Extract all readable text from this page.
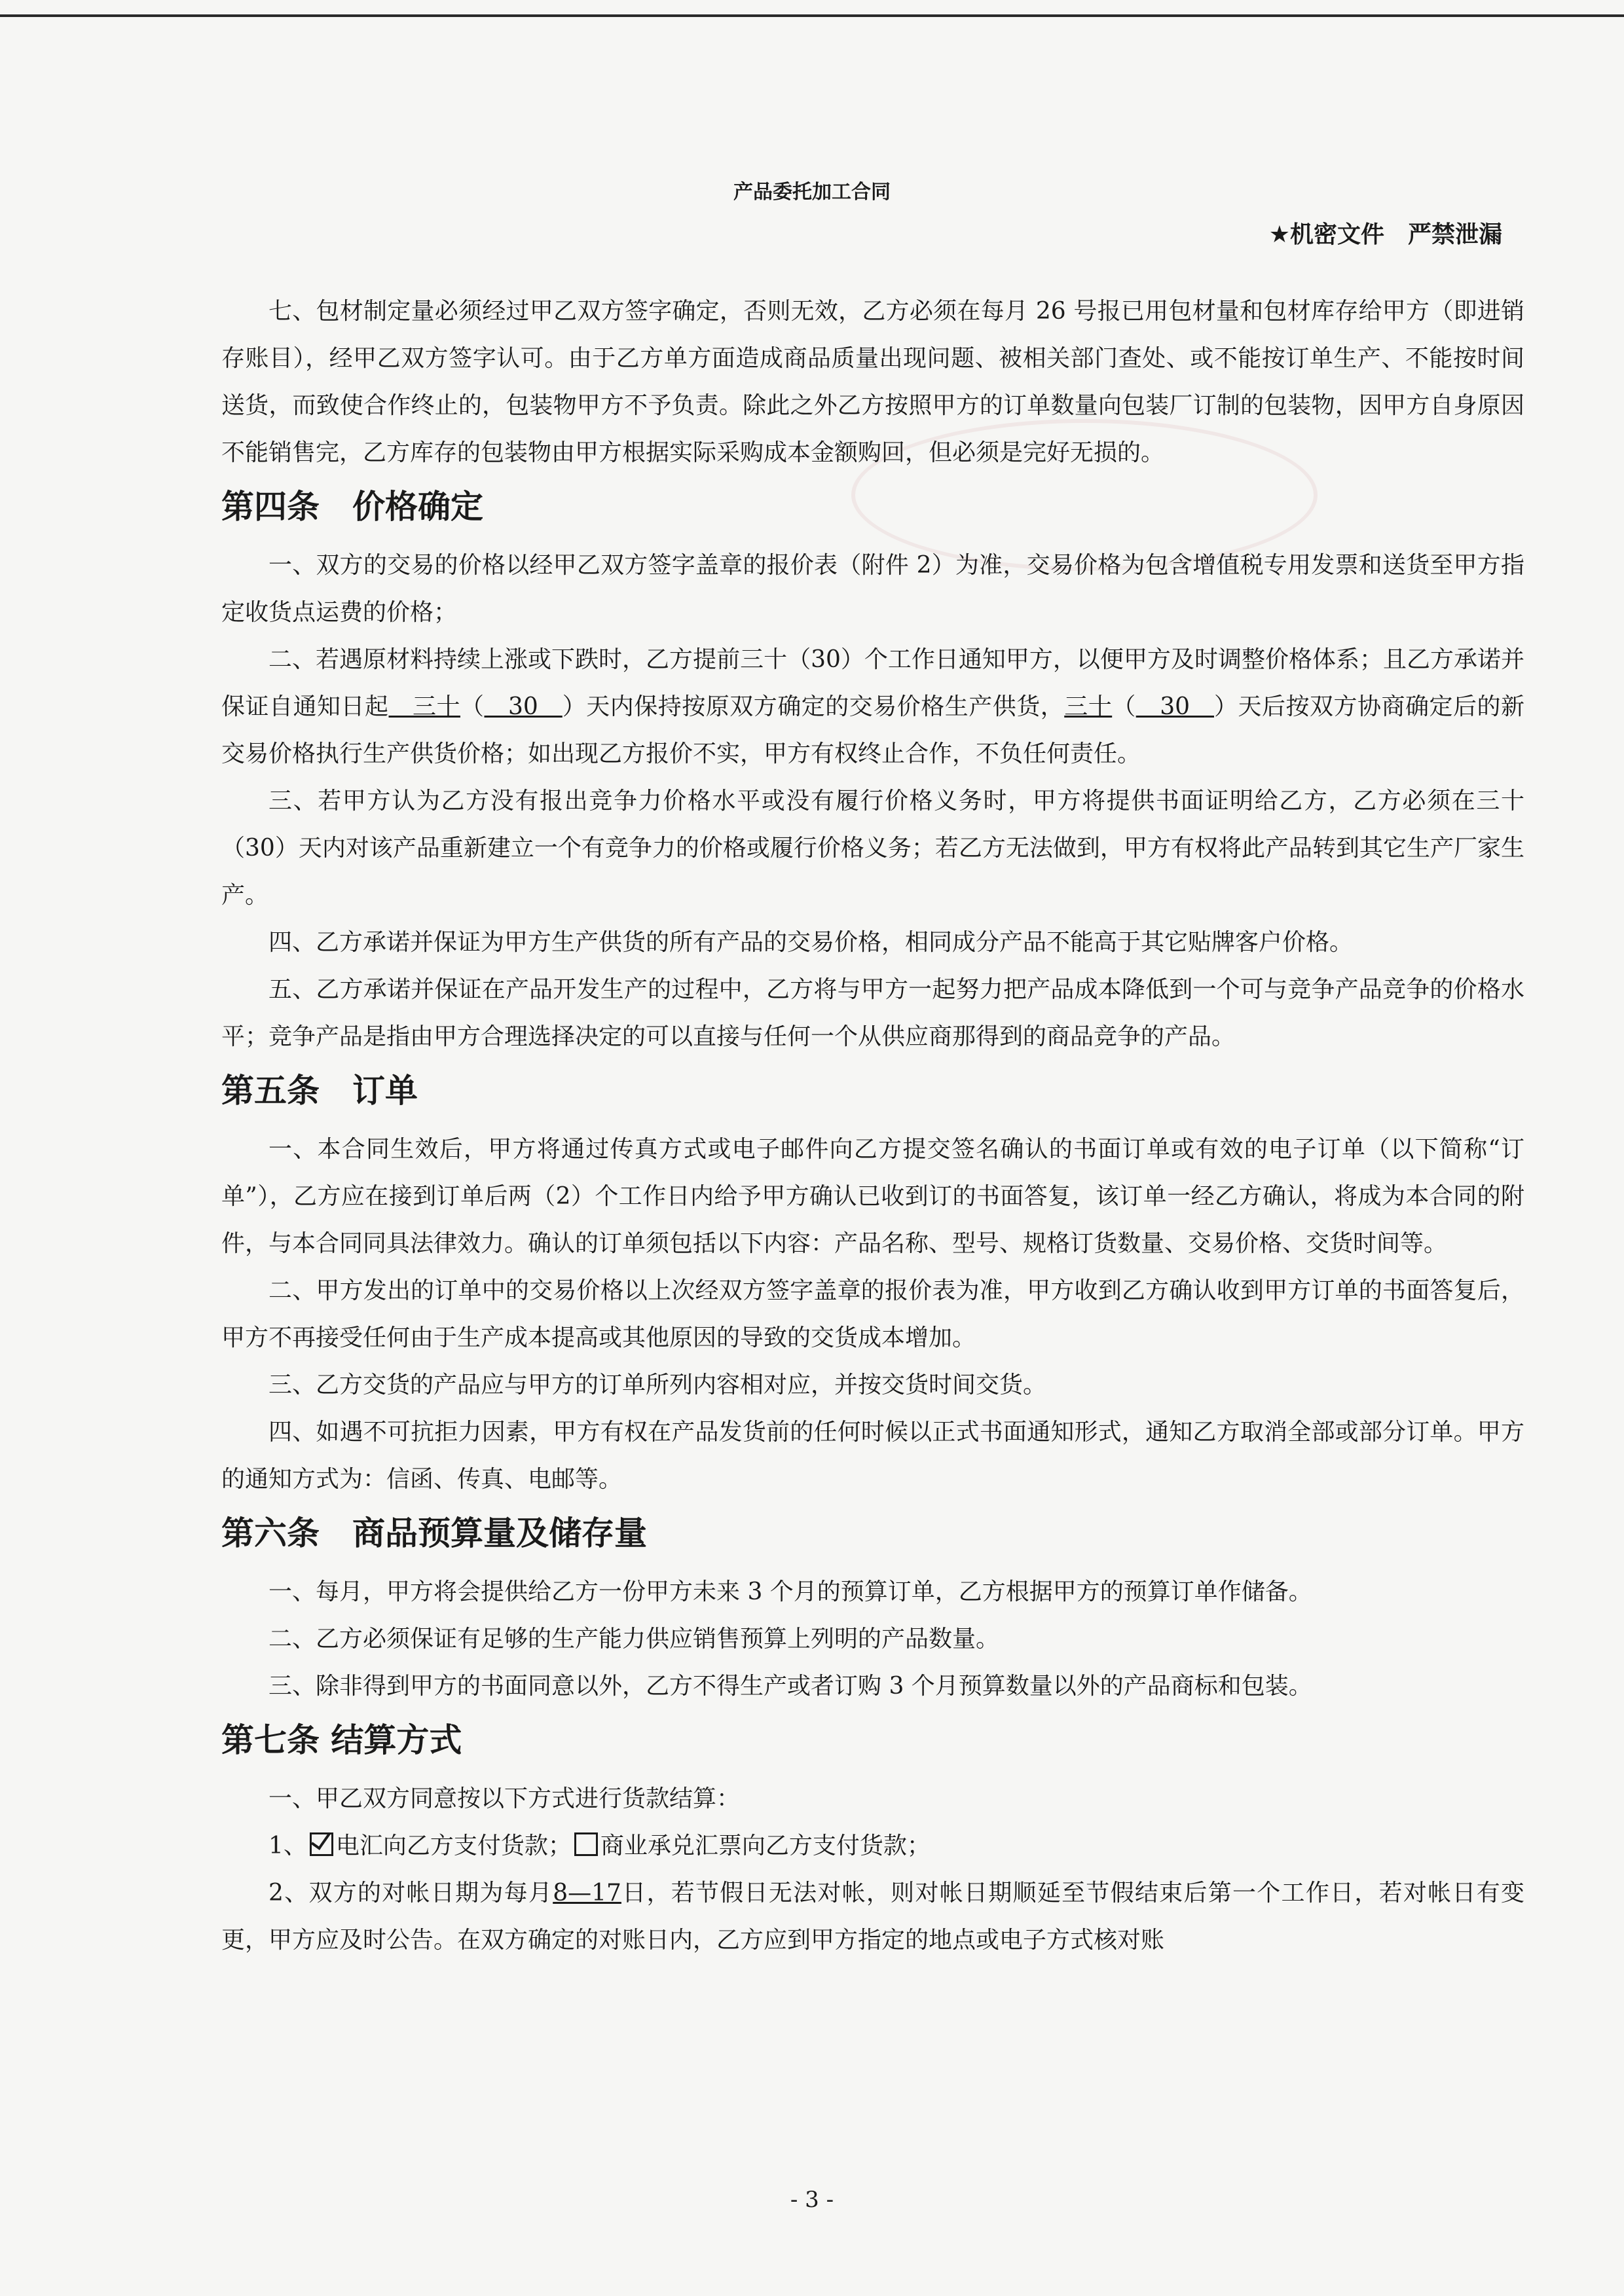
产品委托加工合同
★机密文件　严禁泄漏

七、包材制定量必须经过甲乙双方签字确定，否则无效，乙方必须在每月 26 号报已用包材量和包材库存给甲方（即进销存账目），经甲乙双方签字认可。由于乙方单方面造成商品质量出现问题、被相关部门查处、或不能按订单生产、不能按时间送货，而致使合作终止的，包装物甲方不予负责。除此之外乙方按照甲方的订单数量向包装厂订制的包装物，因甲方自身原因不能销售完，乙方库存的包装物由甲方根据实际采购成本金额购回，但必须是完好无损的。

第四条　价格确定

一、双方的交易的价格以经甲乙双方签字盖章的报价表（附件 2）为准，交易价格为包含增值税专用发票和送货至甲方指定收货点运费的价格；

二、若遇原材料持续上涨或下跌时，乙方提前三十（30）个工作日通知甲方，以便甲方及时调整价格体系；且乙方承诺并保证自通知日起　三十（　30　）天内保持按原双方确定的交易价格生产供货，三十（　30　）天后按双方协商确定后的新交易价格执行生产供货价格；如出现乙方报价不实，甲方有权终止合作，不负任何责任。

三、若甲方认为乙方没有报出竞争力价格水平或没有履行价格义务时，甲方将提供书面证明给乙方，乙方必须在三十（30）天内对该产品重新建立一个有竞争力的价格或履行价格义务；若乙方无法做到，甲方有权将此产品转到其它生产厂家生产。

四、乙方承诺并保证为甲方生产供货的所有产品的交易价格，相同成分产品不能高于其它贴牌客户价格。

五、乙方承诺并保证在产品开发生产的过程中，乙方将与甲方一起努力把产品成本降低到一个可与竞争产品竞争的价格水平；竞争产品是指由甲方合理选择决定的可以直接与任何一个从供应商那得到的商品竞争的产品。

第五条　订单

一、本合同生效后，甲方将通过传真方式或电子邮件向乙方提交签名确认的书面订单或有效的电子订单（以下简称“订单”），乙方应在接到订单后两（2）个工作日内给予甲方确认已收到订的书面答复，该订单一经乙方确认，将成为本合同的附件，与本合同同具法律效力。确认的订单须包括以下内容：产品名称、型号、规格订货数量、交易价格、交货时间等。

二、甲方发出的订单中的交易价格以上次经双方签字盖章的报价表为准，甲方收到乙方确认收到甲方订单的书面答复后，甲方不再接受任何由于生产成本提高或其他原因的导致的交货成本增加。

三、乙方交货的产品应与甲方的订单所列内容相对应，并按交货时间交货。

四、如遇不可抗拒力因素，甲方有权在产品发货前的任何时候以正式书面通知形式，通知乙方取消全部或部分订单。甲方的通知方式为：信函、传真、电邮等。

第六条　商品预算量及储存量

一、每月，甲方将会提供给乙方一份甲方未来 3 个月的预算订单，乙方根据甲方的预算订单作储备。

二、乙方必须保证有足够的生产能力供应销售预算上列明的产品数量。

三、除非得到甲方的书面同意以外，乙方不得生产或者订购 3 个月预算数量以外的产品商标和包装。

第七条 结算方式

一、甲乙双方同意按以下方式进行货款结算：

1、 电汇向乙方支付货款； 商业承兑汇票向乙方支付货款；

2、双方的对帐日期为每月8—17日，若节假日无法对帐，则对帐日期顺延至节假结束后第一个工作日，若对帐日有变更，甲方应及时公告。在双方确定的对账日内，乙方应到甲方指定的地点或电子方式核对账

- 3 -
